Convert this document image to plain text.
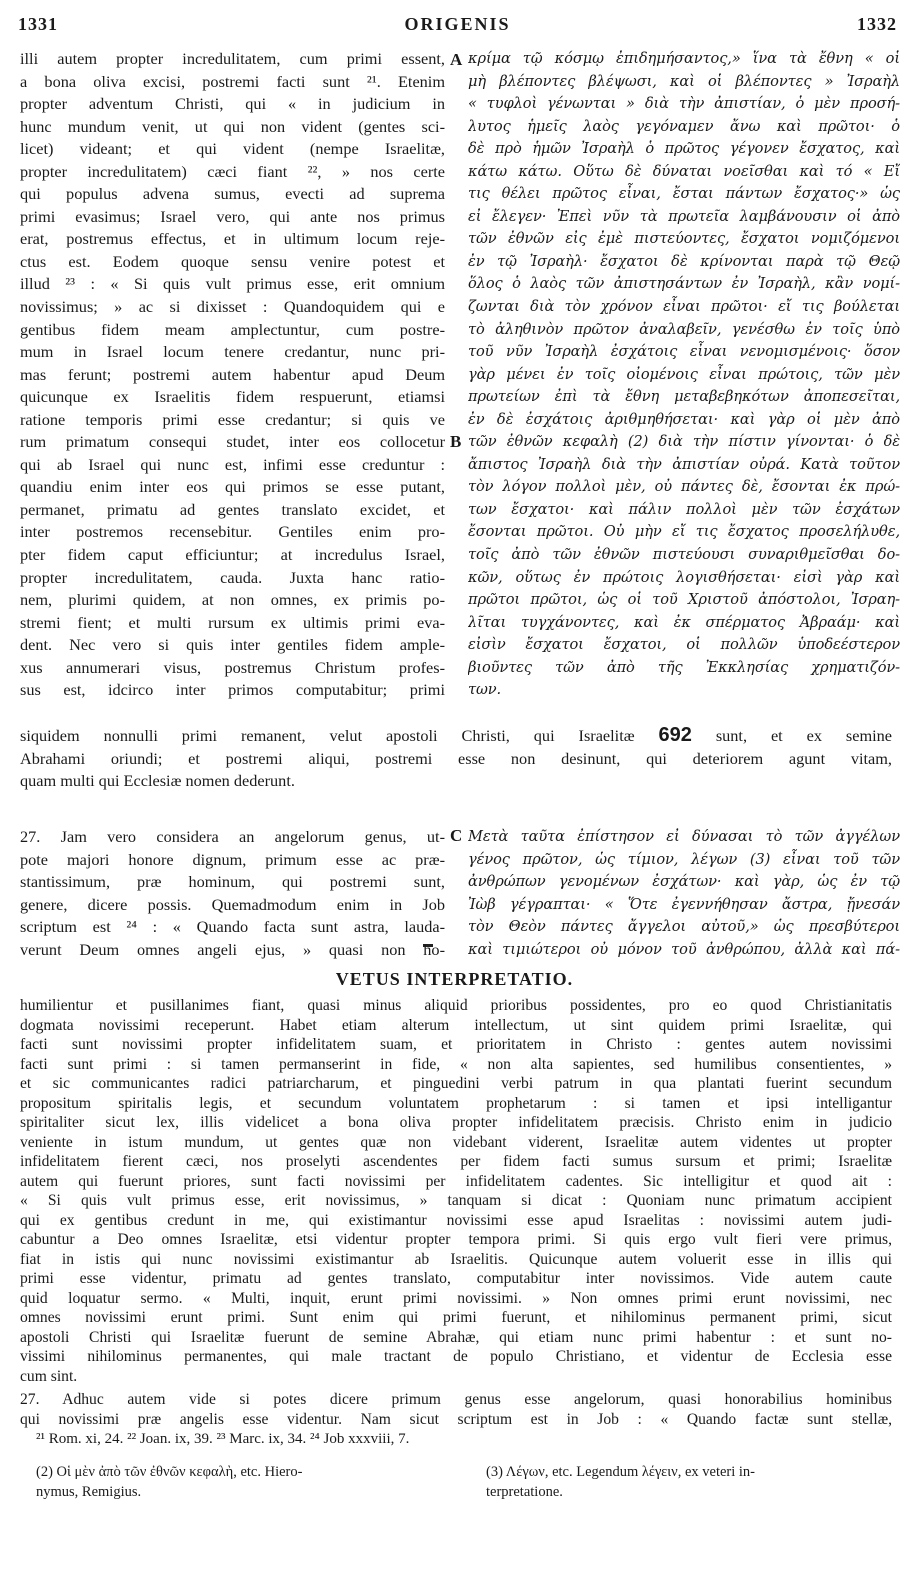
1331	ORIGENIS	1332
A
B
C
illi autem propter incredulitatem, cum primi essent,
a bona oliva excisi, postremi facti sunt ²¹. Etenim
propter adventum Christi, qui « in judicium in
hunc mundum venit, ut qui non vident (gentes sci-
licet) videant; et qui vident (nempe Israelitæ,
propter incredulitatem) cæci fiant ²², » nos certe
qui populus advena sumus, evecti ad suprema
primi evasimus; Israel vero, qui ante nos primus
erat, postremus effectus, et in ultimum locum reje-
ctus est. Eodem quoque sensu venire potest et
illud ²³ : « Si quis vult primus esse, erit omnium
novissimus; » ac si dixisset : Quandoquidem qui e
gentibus fidem meam amplectuntur, cum postre-
mum in Israel locum tenere credantur, nunc pri-
mas ferunt; postremi autem habentur apud Deum
quicunque ex Israelitis fidem respuerunt, etiamsi
ratione temporis primi esse credantur; si quis ve
rum primatum consequi studet, inter eos collocetur
qui ab Israel qui nunc est, infimi esse creduntur :
quandiu enim inter eos qui primos se esse putant,
permanet, primatu ad gentes translato excidet, et
inter postremos recensebitur. Gentiles enim pro-
pter fidem caput efficiuntur; at incredulus Israel,
propter incredulitatem, cauda. Juxta hanc ratio-
nem, plurimi quidem, at non omnes, ex primis po-
stremi fient; et multi rursum ex ultimis primi eva-
dent. Nec vero si quis inter gentiles fidem ample-
xus annumerari visus, postremus Christum profes-
sus est, idcirco inter primos computabitur; primi
κρίμα τῷ κόσμῳ ἐπιδημήσαντος,» ἵνα τὰ ἔθνη « οἱ
μὴ βλέποντες βλέψωσι, καὶ οἱ βλέποντες » Ἰσραὴλ
« τυφλοὶ γένωνται » διὰ τὴν ἀπιστίαν, ὁ μὲν προσή-
λυτος ἡμεῖς λαὸς γεγόναμεν ἄνω καὶ πρῶτοι· ὁ
δὲ πρὸ ἡμῶν Ἰσραὴλ ὁ πρῶτος γέγονεν ἔσχατος, καὶ
κάτω κάτω. Οὕτω δὲ δύναται νοεῖσθαι καὶ τό « Εἴ
τις θέλει πρῶτος εἶναι, ἔσται πάντων ἔσχατος·» ὡς
εἰ ἔλεγεν· Ἐπεὶ νῦν τὰ πρωτεῖα λαμβάνουσιν οἱ ἀπὸ
τῶν ἐθνῶν εἰς ἐμὲ πιστεύοντες, ἔσχατοι νομιζόμενοι
ἐν τῷ Ἰσραὴλ· ἔσχατοι δὲ κρίνονται παρὰ τῷ Θεῷ
ὅλος ὁ λαὸς τῶν ἀπιστησάντων ἐν Ἰσραὴλ, κἂν νομί-
ζωνται διὰ τὸν χρόνον εἶναι πρῶτοι· εἴ τις βούλεται
τὸ ἀληθινὸν πρῶτον ἀναλαβεῖν, γενέσθω ἐν τοῖς ὑπὸ
τοῦ νῦν Ἰσραὴλ ἐσχάτοις εἶναι νενομισμένοις· ὅσον
γὰρ μένει ἐν τοῖς οἰομένοις εἶναι πρώτοις, τῶν μὲν
πρωτείων ἐπὶ τὰ ἔθνη μεταβεβηκότων ἀποπεσεῖται,
ἐν δὲ ἐσχάτοις ἀριθμηθήσεται· καὶ γὰρ οἱ μὲν ἀπὸ
τῶν ἐθνῶν κεφαλὴ (2) διὰ τὴν πίστιν γίνονται· ὁ δὲ
ἄπιστος Ἰσραὴλ διὰ τὴν ἀπιστίαν οὐρά. Κατὰ τοῦτον
τὸν λόγον πολλοὶ μὲν, οὐ πάντες δὲ, ἔσονται ἐκ πρώ-
των ἔσχατοι· καὶ πάλιν πολλοὶ μὲν τῶν ἐσχάτων
ἔσονται πρῶτοι. Οὐ μὴν εἴ τις ἔσχατος προσελήλυθε,
τοῖς ἀπὸ τῶν ἐθνῶν πιστεύουσι συναριθμεῖσθαι δο-
κῶν, οὕτως ἐν πρώτοις λογισθήσεται· εἰσὶ γὰρ καὶ
πρῶτοι πρῶτοι, ὡς οἱ τοῦ Χριστοῦ ἀπόστολοι, Ἰσραη-
λῖται τυγχάνοντες, καὶ ἐκ σπέρματος Ἀβραάμ· καὶ
εἰσὶν ἔσχατοι ἔσχατοι, οἱ πολλῶν ὑποδεέστερον
βιοῦντες τῶν ἀπὸ τῆς Ἐκκλησίας χρηματιζόν-
των.
siquidem nonnulli primi remanent, velut apostoli Christi, qui Israelitæ 692 sunt, et ex semine
Abrahami oriundi; et postremi aliqui, postremi esse non desinunt, qui deteriorem agunt vitam,
quam multi qui Ecclesiæ nomen dederunt.
27. Jam vero considera an angelorum genus, ut-
pote majori honore dignum, primum esse ac præ-
stantissimum, præ hominum, qui postremi sunt,
genere, dicere possis. Quemadmodum enim in Job
scriptum est ²⁴ : « Quando facta sunt astra, lauda-
verunt Deum omnes angeli ejus, » quasi non ho-
Μετὰ ταῦτα ἐπίστησον εἰ δύνασαι τὸ τῶν ἀγγέλων
γένος πρῶτον, ὡς τίμιον, λέγων (3) εἶναι τοῦ τῶν
ἀνθρώπων γενομένων ἐσχάτων· καὶ γὰρ, ὡς ἐν τῷ
Ἰὼβ γέγραπται· « Ὅτε ἐγεννήθησαν ἄστρα, ᾔνεσάν
τὸν Θεὸν πάντες ἄγγελοι αὐτοῦ,» ὡς πρεσβύτεροι
καὶ τιμιώτεροι οὐ μόνον τοῦ ἀνθρώπου, ἀλλὰ καὶ πά-
VETUS INTERPRETATIO.
humilientur et pusillanimes fiant, quasi minus aliquid prioribus possidentes, pro eo quod Christianitatis
dogmata novissimi receperunt. Habet etiam alterum intellectum, ut sint quidem primi Israelitæ, qui
facti sunt novissimi propter infidelitatem suam, et prioritatem in Christo : gentes autem novissimi
facti sunt primi : si tamen permanserint in fide, « non alta sapientes, sed humilibus consentientes, »
et sic communicantes radici patriarcharum, et pinguedini verbi patrum in qua plantati fuerint secundum
propositum spiritalis legis, et secundum voluntatem prophetarum : si tamen et ipsi intelligantur
spiritaliter sicut lex, illis videlicet a bona oliva propter infidelitatem præcisis. Christo enim in judicio
veniente in istum mundum, ut gentes quæ non videbant viderent, Israelitæ autem videntes ut propter
infidelitatem fierent cæci, nos proselyti ascendentes per fidem facti sumus sursum et primi; Israelitæ
autem qui fuerunt priores, sunt facti novissimi per infidelitatem cadentes. Sic intelligitur et quod ait :
« Si quis vult primus esse, erit novissimus, » tanquam si dicat : Quoniam nunc primatum accipient
qui ex gentibus credunt in me, qui existimantur novissimi esse apud Israelitas : novissimi autem judi-
cabuntur a Deo omnes Israelitæ, etsi videntur propter tempora primi. Si quis ergo vult fieri vere primus,
fiat in istis qui nunc novissimi existimantur ab Israelitis. Quicunque autem voluerit esse in illis qui
primi esse videntur, primatu ad gentes translato, computabitur inter novissimos. Vide autem caute
quid loquatur sermo. « Multi, inquit, erunt primi novissimi. » Non omnes primi erunt novissimi, nec
omnes novissimi erunt primi. Sunt enim qui primi fuerunt, et nihilominus permanent primi, sicut
apostoli Christi qui Israelitæ fuerunt de semine Abrahæ, qui etiam nunc primi habentur : et sunt no-
vissimi nihilominus permanentes, qui male tractant de populo Christiano, et videntur de Ecclesia esse
cum sint.
27. Adhuc autem vide si potes dicere primum genus esse angelorum, quasi honorabilius hominibus
qui novissimi præ angelis esse videntur. Nam sicut scriptum est in Job : « Quando factæ sunt stellæ,
²¹ Rom. xi, 24. ²² Joan. ix, 39. ²³ Marc. ix, 34. ²⁴ Job xxxviii, 7.
(2) Οἱ μὲν ἀπὸ τῶν ἐθνῶν κεφαλὴ, etc. Hiero-
nymus, Remigius.
(3) Λέγων, etc. Legendum λέγειν, ex veteri in-
terpretatione.
